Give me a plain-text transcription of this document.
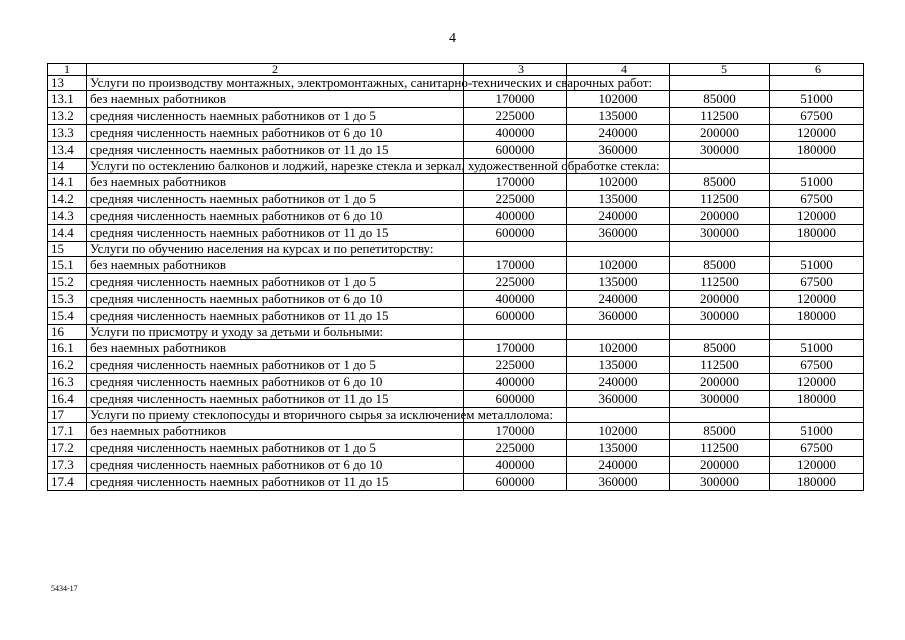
4
1	2	3	4	5	6
13	Услуги по производству монтажных, электромонтажных, санитарно-технических и сварочных работ:				
13.1	без наемных работников	170000	102000	85000	51000
13.2	средняя численность наемных работников от 1 до 5	225000	135000	112500	67500
13.3	средняя численность наемных работников от 6 до 10	400000	240000	200000	120000
13.4	средняя численность наемных работников от 11 до 15	600000	360000	300000	180000
14	Услуги по остеклению балконов и лоджий, нарезке стекла и зеркал, художественной обработке стекла:				
14.1	без наемных работников	170000	102000	85000	51000
14.2	средняя численность наемных работников от 1 до 5	225000	135000	112500	67500
14.3	средняя численность наемных работников от 6 до 10	400000	240000	200000	120000
14.4	средняя численность наемных работников от 11 до 15	600000	360000	300000	180000
15	Услуги по обучению населения на курсах и по репетиторству:				
15.1	без наемных работников	170000	102000	85000	51000
15.2	средняя численность наемных работников от 1 до 5	225000	135000	112500	67500
15.3	средняя численность наемных работников от 6 до 10	400000	240000	200000	120000
15.4	средняя численность наемных работников от 11 до 15	600000	360000	300000	180000
16	Услуги по присмотру и уходу за детьми и больными:				
16.1	без наемных работников	170000	102000	85000	51000
16.2	средняя численность наемных работников от 1 до 5	225000	135000	112500	67500
16.3	средняя численность наемных работников от 6 до 10	400000	240000	200000	120000
16.4	средняя численность наемных работников от 11 до 15	600000	360000	300000	180000
17	Услуги по приему стеклопосуды и вторичного сырья за исключением металлолома:				
17.1	без наемных работников	170000	102000	85000	51000
17.2	средняя численность наемных работников от 1 до 5	225000	135000	112500	67500
17.3	средняя численность наемных работников от 6 до 10	400000	240000	200000	120000
17.4	средняя численность наемных работников от 11 до 15	600000	360000	300000	180000
5434-17
